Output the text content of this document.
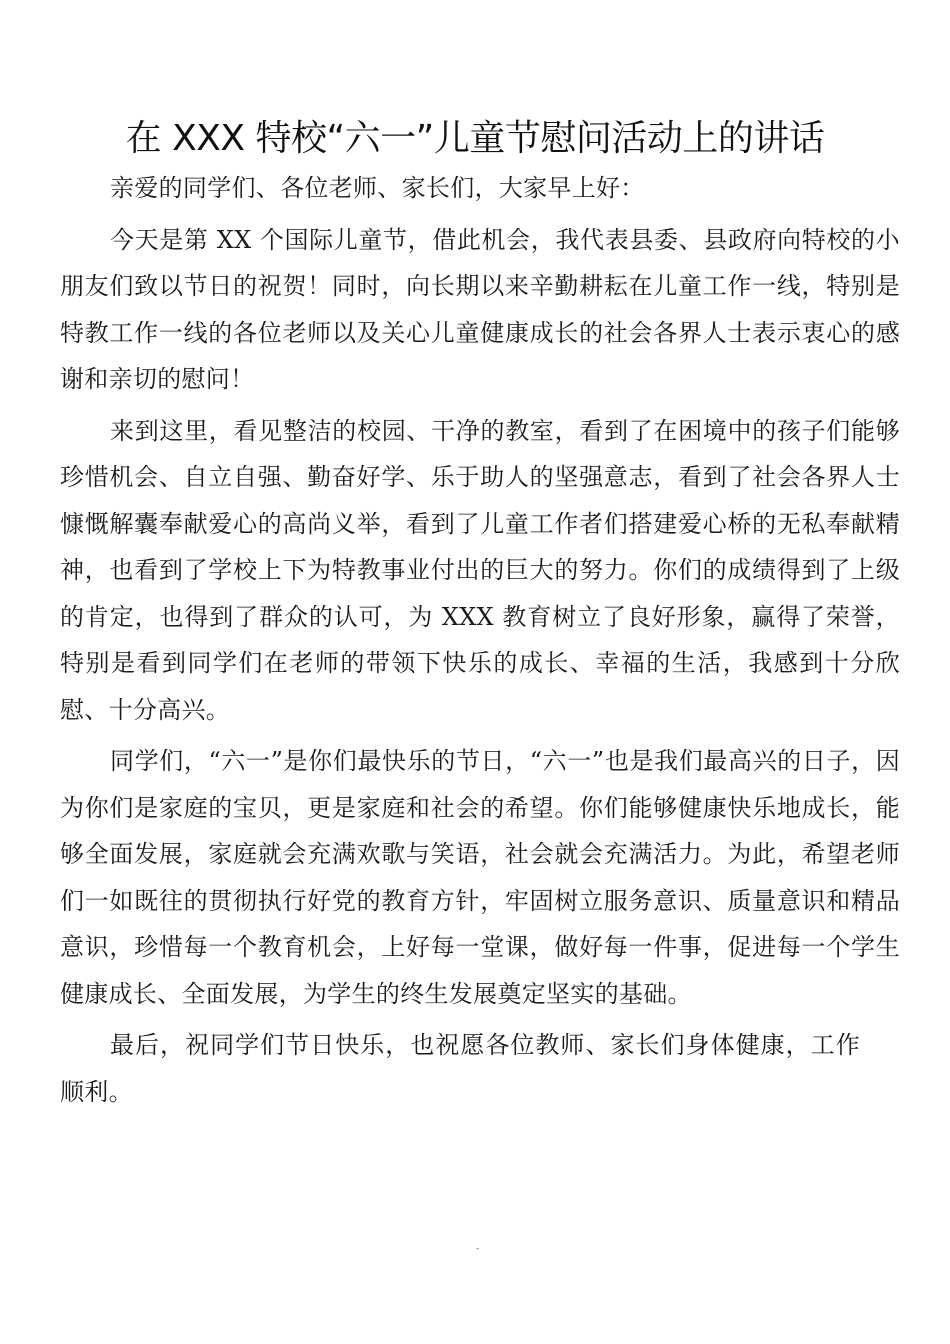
在 XXX 特校“六一”儿童节慰问活动上的讲话

亲爱的同学们、各位老师、家长们，大家早上好：

今天是第 XX 个国际儿童节，借此机会，我代表县委、县政府向特校的小朋友们致以节日的祝贺！同时，向长期以来辛勤耕耘在儿童工作一线，特别是特教工作一线的各位老师以及关心儿童健康成长的社会各界人士表示衷心的感谢和亲切的慰问！

来到这里，看见整洁的校园、干净的教室，看到了在困境中的孩子们能够珍惜机会、自立自强、勤奋好学、乐于助人的坚强意志，看到了社会各界人士慷慨解囊奉献爱心的高尚义举，看到了儿童工作者们搭建爱心桥的无私奉献精神，也看到了学校上下为特教事业付出的巨大的努力。你们的成绩得到了上级的肯定，也得到了群众的认可，为 XXX 教育树立了良好形象，赢得了荣誉，特别是看到同学们在老师的带领下快乐的成长、幸福的生活，我感到十分欣慰、十分高兴。

同学们，“六一”是你们最快乐的节日，“六一”也是我们最高兴的日子，因为你们是家庭的宝贝，更是家庭和社会的希望。你们能够健康快乐地成长，能够全面发展，家庭就会充满欢歌与笑语，社会就会充满活力。为此，希望老师们一如既往的贯彻执行好党的教育方针，牢固树立服务意识、质量意识和精品意识，珍惜每一个教育机会，上好每一堂课，做好每一件事，促进每一个学生健康成长、全面发展，为学生的终生发展奠定坚实的基础。

最后，祝同学们节日快乐，也祝愿各位教师、家长们身体健康，工作顺利。

-
